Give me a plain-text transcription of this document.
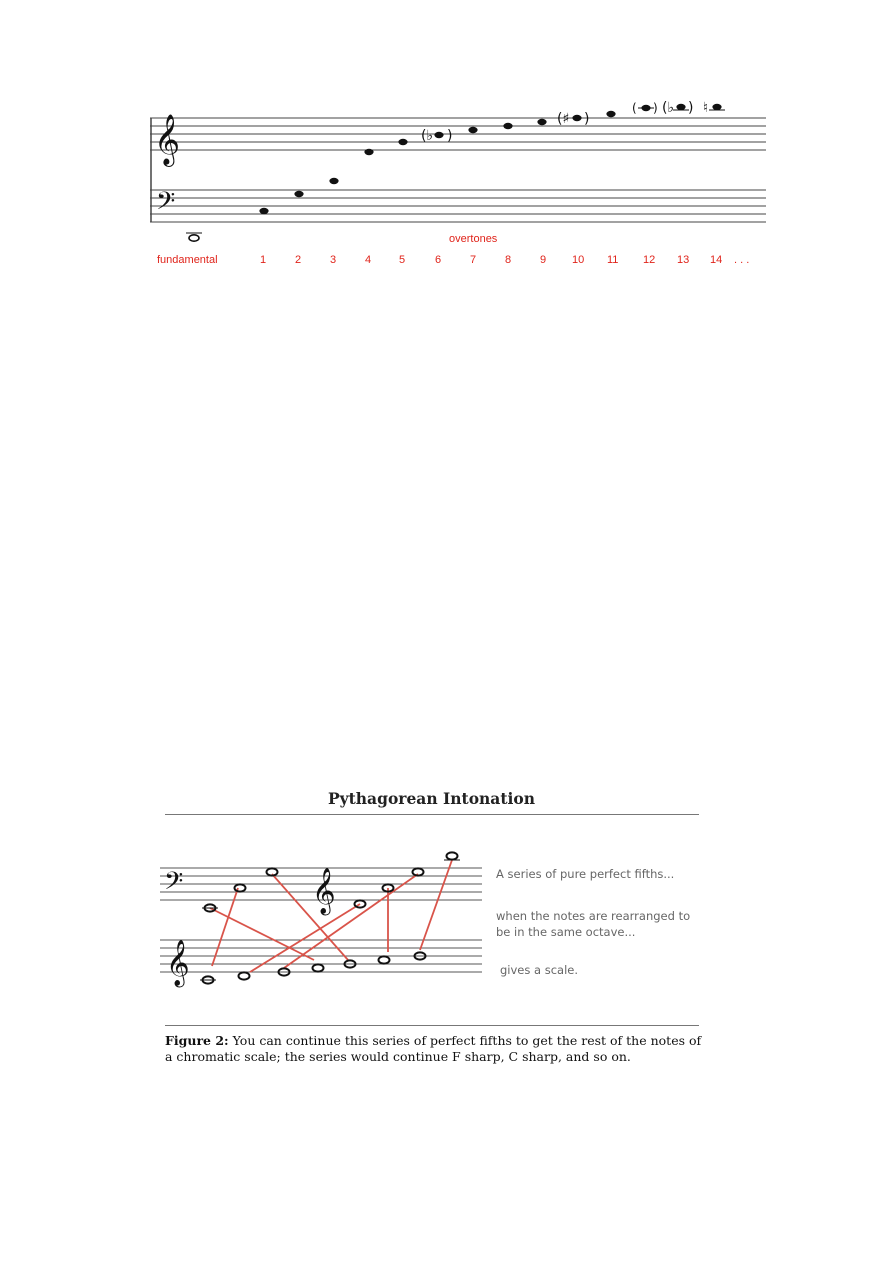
𝄞
𝄢
(♭ )
(♯ )
( ) (♭ ) ♮
overtones
fundamental	1	2	3	4	5	6	7	8	9 10 11 12 13 14 . . .
Pythagorean Intonation
𝄢	𝄞
𝄞
A series of pure perfect fifths...
when the notes are rearranged to
be in the same octave...
gives a scale.
Figure 2: You can continue this series of perfect fifths to get the rest of the notes of
a chromatic scale; the series would continue F sharp, C sharp, and so on.
